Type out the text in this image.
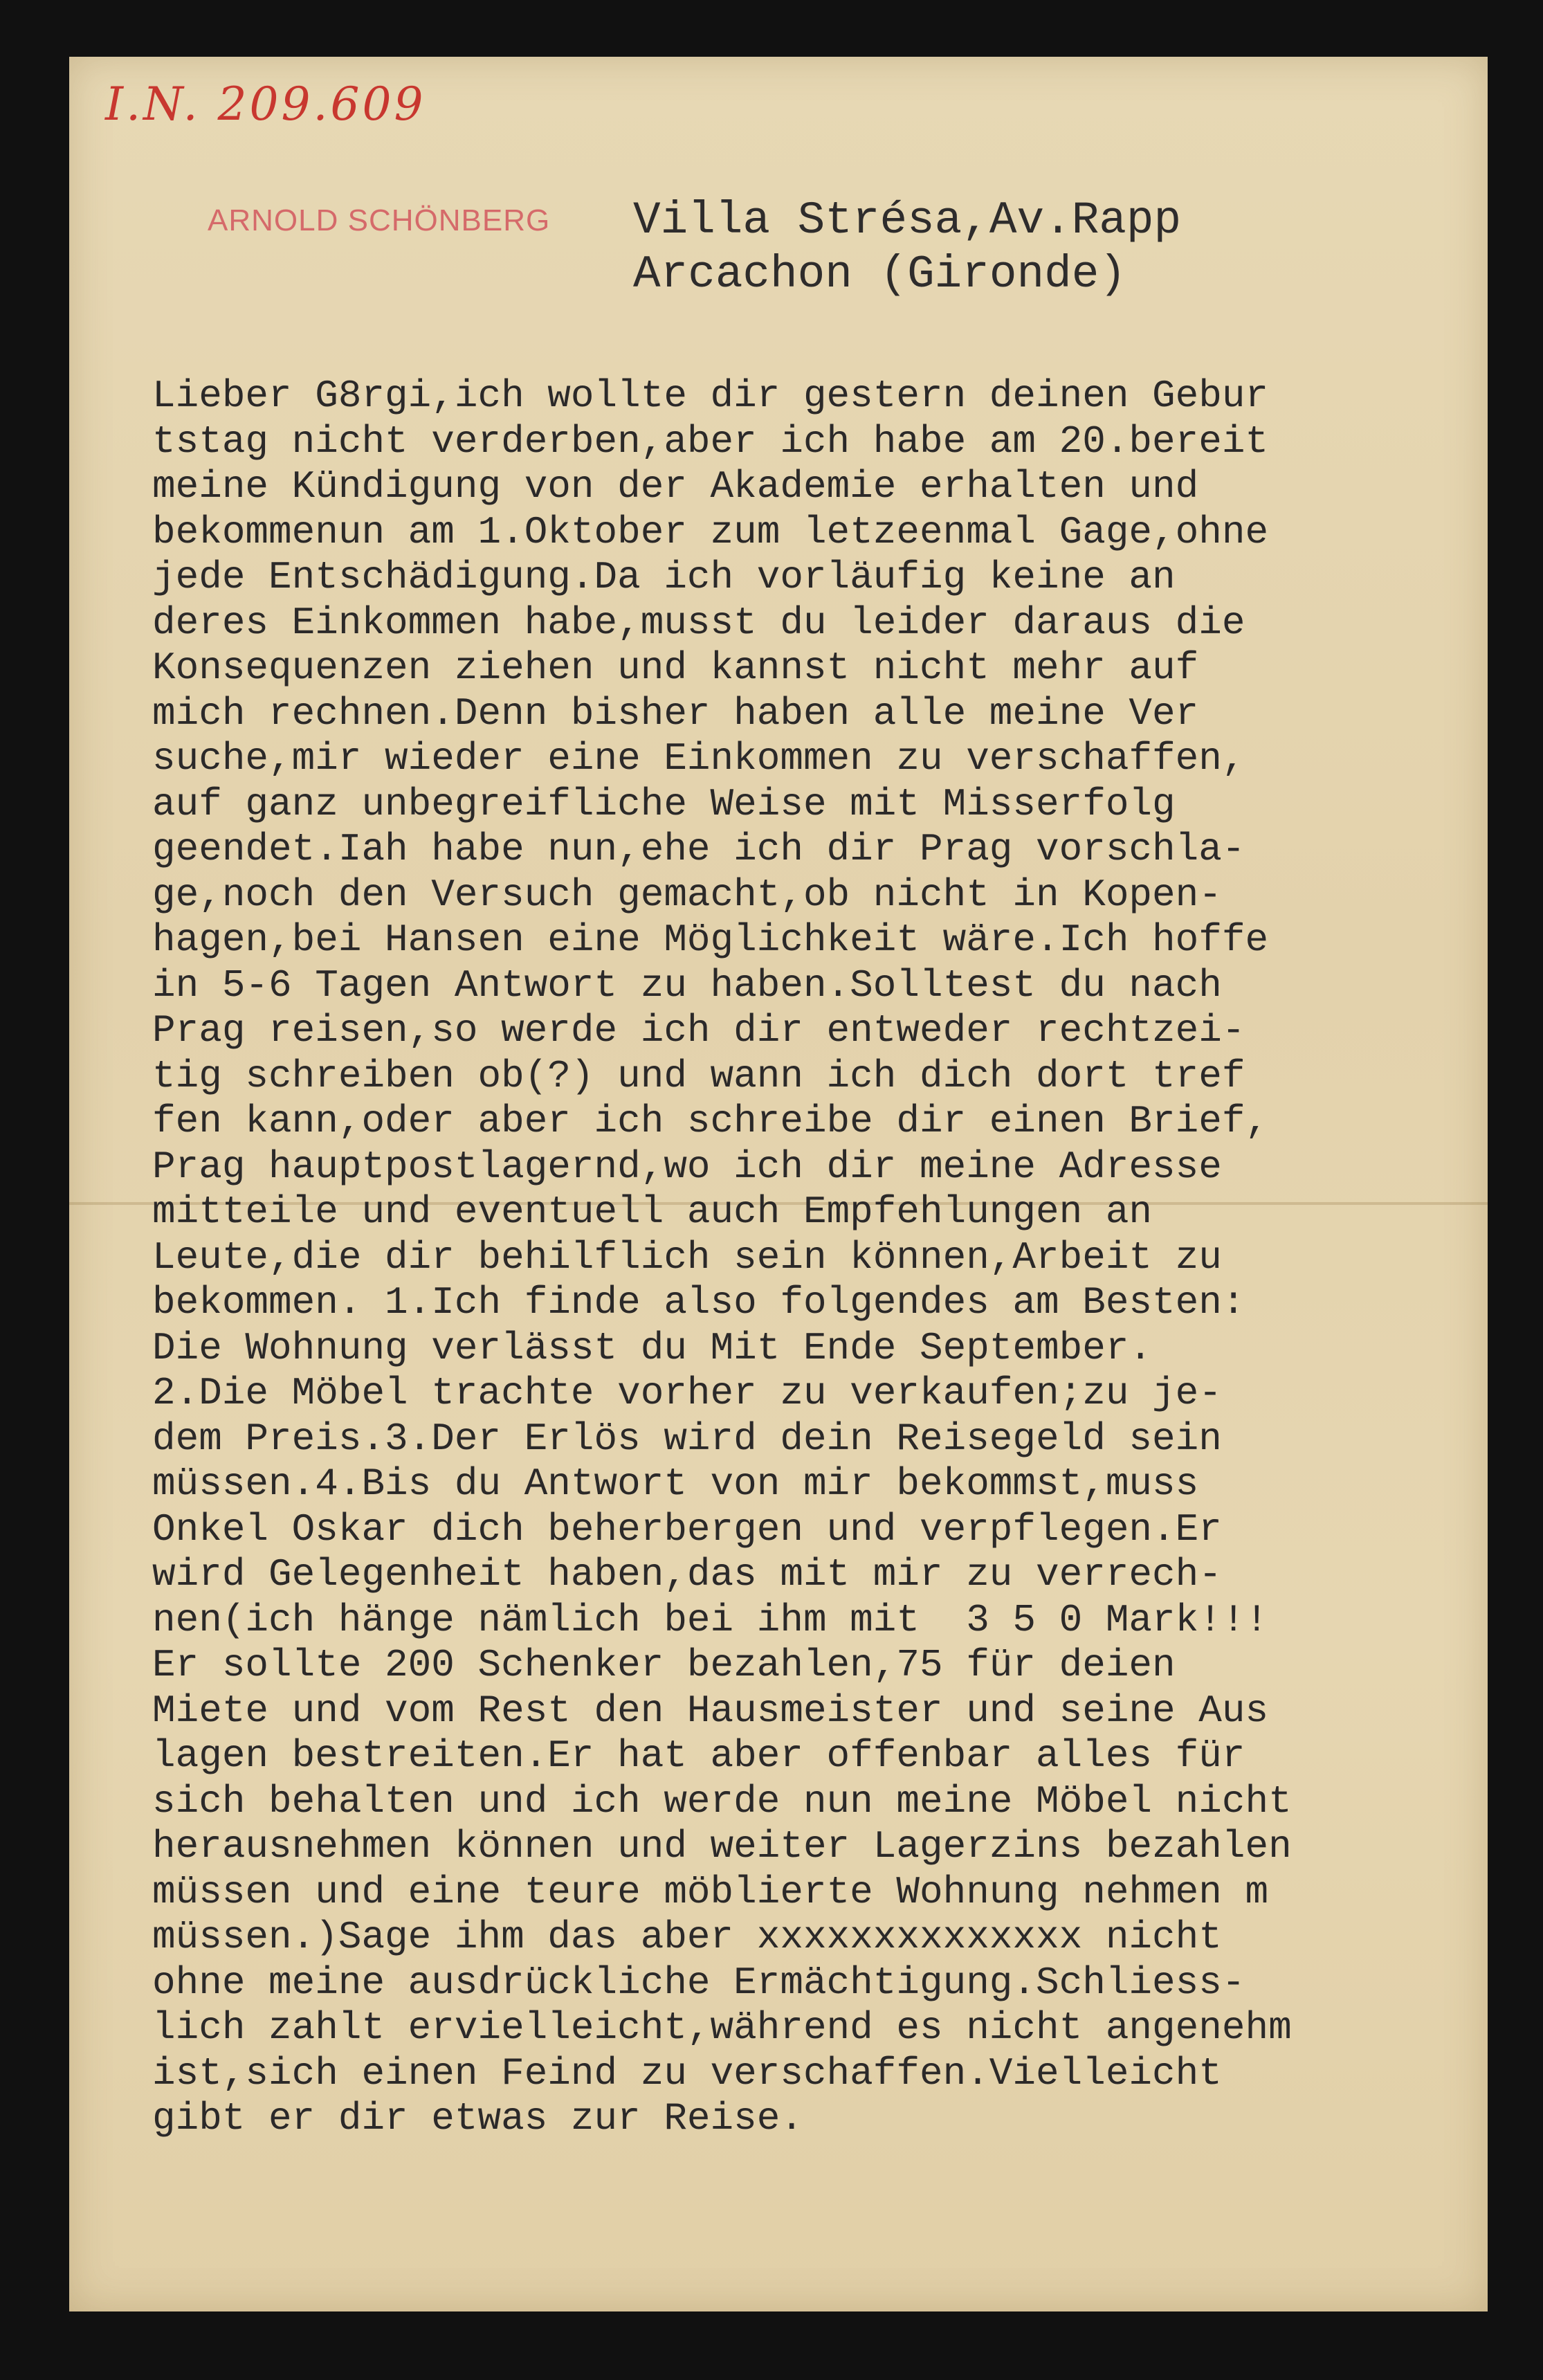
I.N. 209.609
ARNOLD SCHÖNBERG Villa Strésa,Av.Rapp
Arcachon (Gironde)
Lieber G8rgi,ich wollte dir gestern deinen Gebur
tstag nicht verderben,aber ich habe am 20.bereit
meine Kündigung von der Akademie erhalten und
bekommenun am 1.Oktober zum letzeenmal Gage,ohne
jede Entschädigung.Da ich vorläufig keine an
deres Einkommen habe,musst du leider daraus die
Konsequenzen ziehen und kannst nicht mehr auf
mich rechnen.Denn bisher haben alle meine Ver
suche,mir wieder eine Einkommen zu verschaffen,
auf ganz unbegreifliche Weise mit Misserfolg
geendet.Iah habe nun,ehe ich dir Prag vorschla-
ge,noch den Versuch gemacht,ob nicht in Kopen-
hagen,bei Hansen eine Möglichkeit wäre.Ich hoffe
in 5-6 Tagen Antwort zu haben.Solltest du nach
Prag reisen,so werde ich dir entweder rechtzei-
tig schreiben ob(?) und wann ich dich dort tref
fen kann,oder aber ich schreibe dir einen Brief,
Prag hauptpostlagernd,wo ich dir meine Adresse
mitteile und eventuell auch Empfehlungen an
Leute,die dir behilflich sein können,Arbeit zu
bekommen. 1.Ich finde also folgendes am Besten:
Die Wohnung verlässt du Mit Ende September.
2.Die Möbel trachte vorher zu verkaufen;zu je-
dem Preis.3.Der Erlös wird dein Reisegeld sein
müssen.4.Bis du Antwort von mir bekommst,muss
Onkel Oskar dich beherbergen und verpflegen.Er
wird Gelegenheit haben,das mit mir zu verrech-
nen(ich hänge nämlich bei ihm mit  3 5 0 Mark!!!
Er sollte 200 Schenker bezahlen,75 für deien
Miete und vom Rest den Hausmeister und seine Aus
lagen bestreiten.Er hat aber offenbar alles für
sich behalten und ich werde nun meine Möbel nicht
herausnehmen können und weiter Lagerzins bezahlen
müssen und eine teure möblierte Wohnung nehmen m
müssen.)Sage ihm das aber xxxxxxxxxxxxxx nicht
ohne meine ausdrückliche Ermächtigung.Schliess-
lich zahlt ervielleicht,während es nicht angenehm
ist,sich einen Feind zu verschaffen.Vielleicht
gibt er dir etwas zur Reise.
